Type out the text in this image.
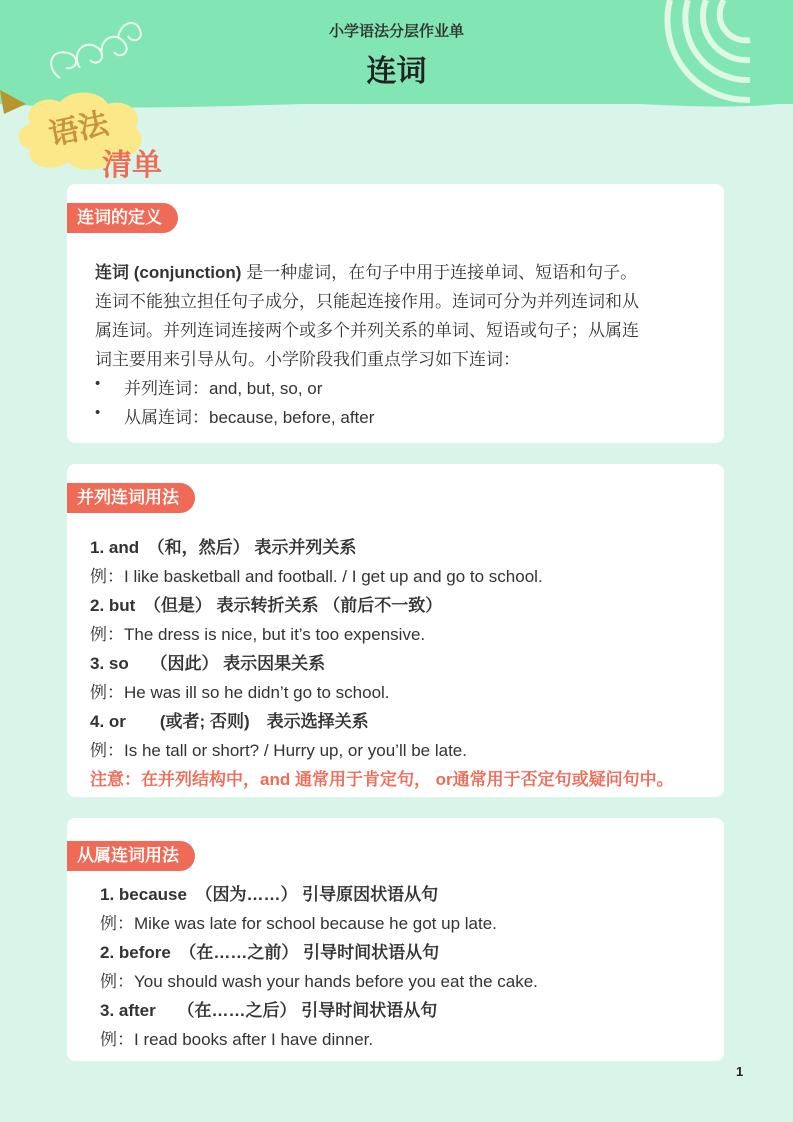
小学语法分层作业单
连词
语法
清单
连词的定义
连词 (conjunction) 是一种虚词，在句子中用于连接单词、短语和句子。
连词不能独立担任句子成分，只能起连接作用。连词可分为并列连词和从
属连词。并列连词连接两个或多个并列关系的单词、短语或句子；从属连
词主要用来引导从句。小学阶段我们重点学习如下连词：
• 并列连词：and, but, so, or
• 从属连词：because, before, after
并列连词用法
1. and　（和，然后） 表示并列关系
例：I like basketball and football. / I get up and go to school.
2. but　（但是） 表示转折关系 （前后不一致）
例：The dress is nice, but it’s too expensive.
3. so　 （因此） 表示因果关系
例：He was ill so he didn’t go to school.
4. or　　(或者; 否则)　表示选择关系
例：Is he tall or short? / Hurry up, or you’ll be late.
注意：在并列结构中，and 通常用于肯定句， or通常用于否定句或疑问句中。
从属连词用法
1. because　（因为……） 引导原因状语从句
例：Mike was late for school because he got up late.
2. before　（在……之前） 引导时间状语从句
例：You should wash your hands before you eat the cake.
3. after　 （在……之后） 引导时间状语从句
例：I read books after I have dinner.
1
